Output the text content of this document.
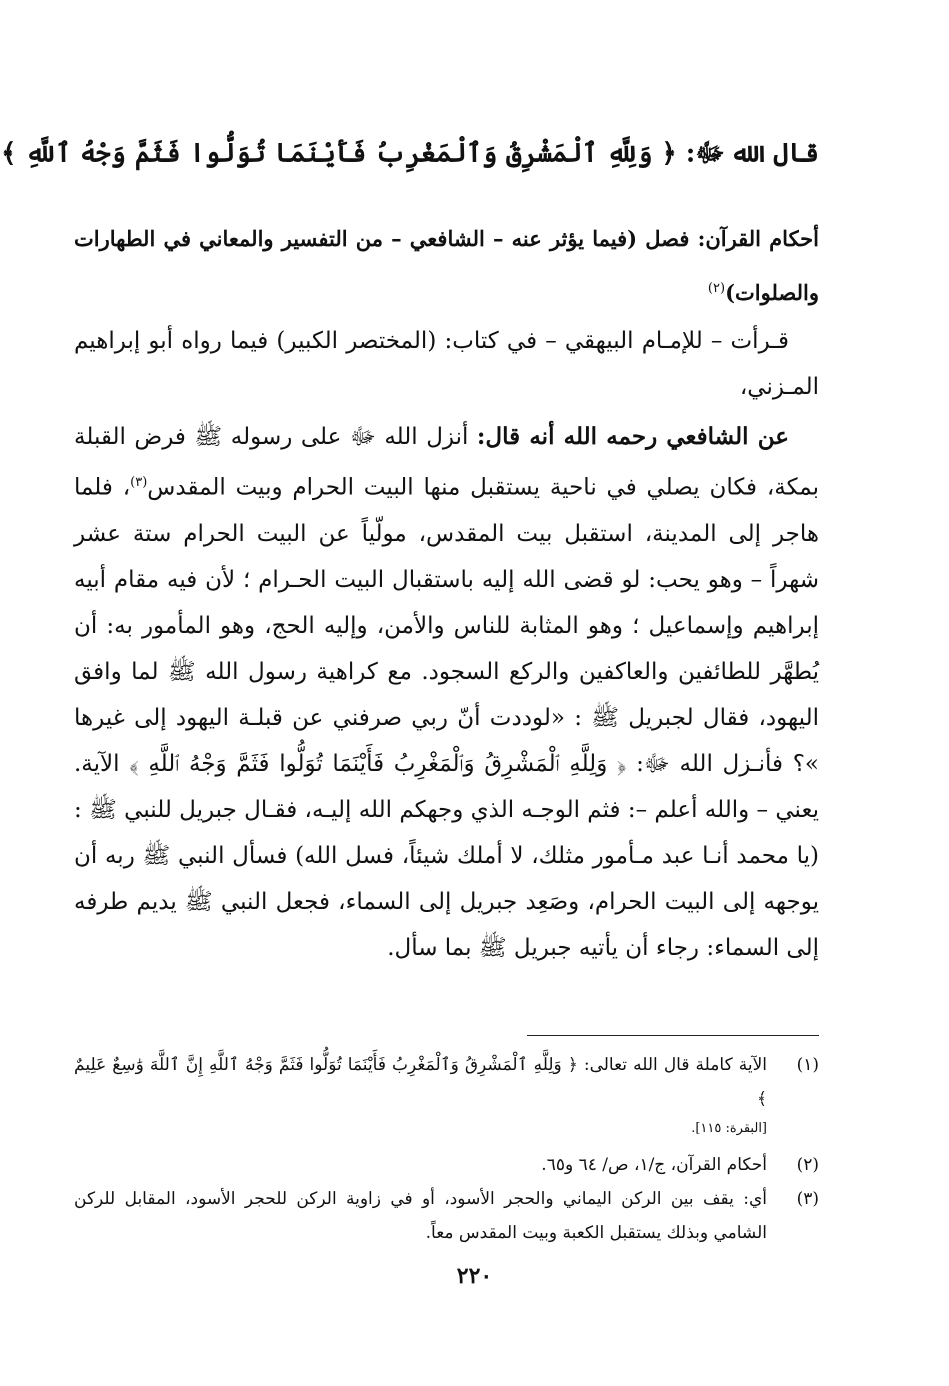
قال الله ﷻ: ﴿ وَلِلَّهِ ٱلْمَشْرِقُ وَٱلْمَغْرِبُ فَأَيْنَمَا تُوَلُّوا فَثَمَّ وَجْهُ ٱللَّهِ ﴾
أحكام القرآن: فصل (فيما يؤثر عنه – الشافعي – من التفسير والمعاني في الطهارات والصلوات)$^{(٢)}$

قـرأت – للإمـام البيهقي – في كتاب: (المختصر الكبير) فيما رواه أبو إبراهيم المـزني،

عن الشافعي رحمه الله أنه قال: أنزل الله ﷻ على رسوله ﷺ فرض القبلة بمكة، فكان يصلي في ناحية يستقبل منها البيت الحرام وبيت المقدس$^{(٣)}$، فلما هاجر إلى المدينة، استقبل بيت المقدس، مولّياً عن البيت الحرام ستة عشر شهراً – وهو يحب: لو قضى الله إليه باستقبال البيت الحـرام ؛ لأن فيه مقام أبيه إبراهيم وإسماعيل ؛ وهو المثابة للناس والأمن، وإليه الحج، وهو المأمور به: أن يُطهَّر للطائفين والعاكفين والركع السجود. مع كراهية رسول الله ﷺ لما وافق اليهود، فقال لجبريل ﷺ : «لوددت أنّ ربي صرفني عن قبلـة اليهود إلى غيرها »؟ فأنـزل الله ﷻ: ﴿ وَلِلَّهِ ٱلْمَشْرِقُ وَٱلْمَغْرِبُ فَأَيْنَمَا تُوَلُّوا فَثَمَّ وَجْهُ ٱللَّهِ ﴾ الآية. يعني – والله أعلم –: فثم الوجـه الذي وجهكم الله إليـه، فقـال جبريل للنبي ﷺ : (يا محمد أنـا عبد مـأمور مثلك، لا أملك شيئاً، فسل الله) فسأل النبي ﷺ ربه أن يوجهه إلى البيت الحرام، وصَعِد جبريل إلى السماء، فجعل النبي ﷺ يديم طرفه إلى السماء: رجاء أن يأتيه جبريل ﷺ بما سأل.

(١)
الآية كاملة قال الله تعالى: ﴿ وَلِلَّهِ ٱلْمَشْرِقُ وَٱلْمَغْرِبُ فَأَيْنَمَا تُوَلُّوا فَثَمَّ وَجْهُ ٱللَّهِ إِنَّ ٱللَّهَ وَٰسِعٌ عَلِيمٌ ﴾
[البقرة: ١١٥].
(٢)
أحكام القرآن، ج/١، ص/ ٦٤ و٦٥.
(٣)
أي: يقف بين الركن اليماني والحجر الأسود، أو في زاوية الركن للحجر الأسود، المقابل للركن الشامي وبذلك يستقبل الكعبة وبيت المقدس معاً.
٢٢٠
